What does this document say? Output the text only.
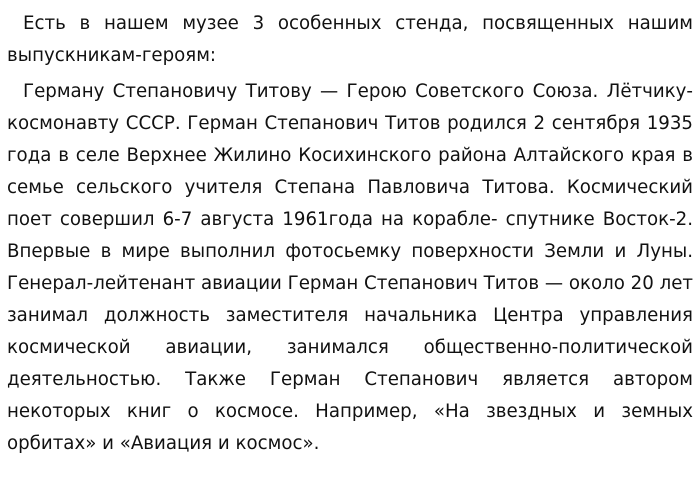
Есть в нашем музее 3 особенных стенда, посвященных нашим выпускникам-героям:

Герману Степановичу Титову — Герою Советского Союза. Лётчику-космонавту СССР. Герман Степанович Титов родился 2 сентября 1935 года в селе Верхнее Жилино Косихинского района Алтайского края в семье сельского учителя Степана Павловича Титова. Космический поет совершил 6-7 августа 1961года на корабле- спутнике Восток-2. Впервые в мире выполнил фотосьемку поверхности Земли и Луны. Генерал-лейтенант авиации Герман Степанович Титов — около 20 лет занимал должность заместителя начальника Центра управления космической авиации, занимался общественно-политической деятельностью. Также Герман Степанович является автором некоторых книг о космосе. Например, «На звездных и земных орбитах» и «Авиация и космос».
